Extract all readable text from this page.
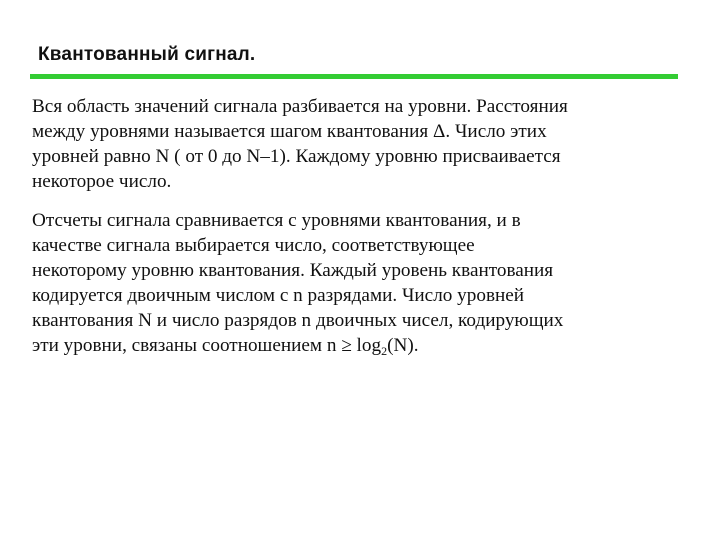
Квантованный сигнал.

Вся область значений сигнала разбивается на уровни. Расстояния
между уровнями называется шагом квантования Δ. Число этих
уровней равно N ( от 0 до N–1). Каждому уровню присваивается
некоторое число.

Отсчеты сигнала сравнивается с уровнями квантования, и в
качестве сигнала выбирается число, соответствующее
некоторому уровню квантования. Каждый уровень квантования
кодируется двоичным числом с n разрядами. Число уровней
квантования N и число разрядов n двоичных чисел, кодирующих
эти уровни, связаны соотношением $n \ge \log_2(N)$.
